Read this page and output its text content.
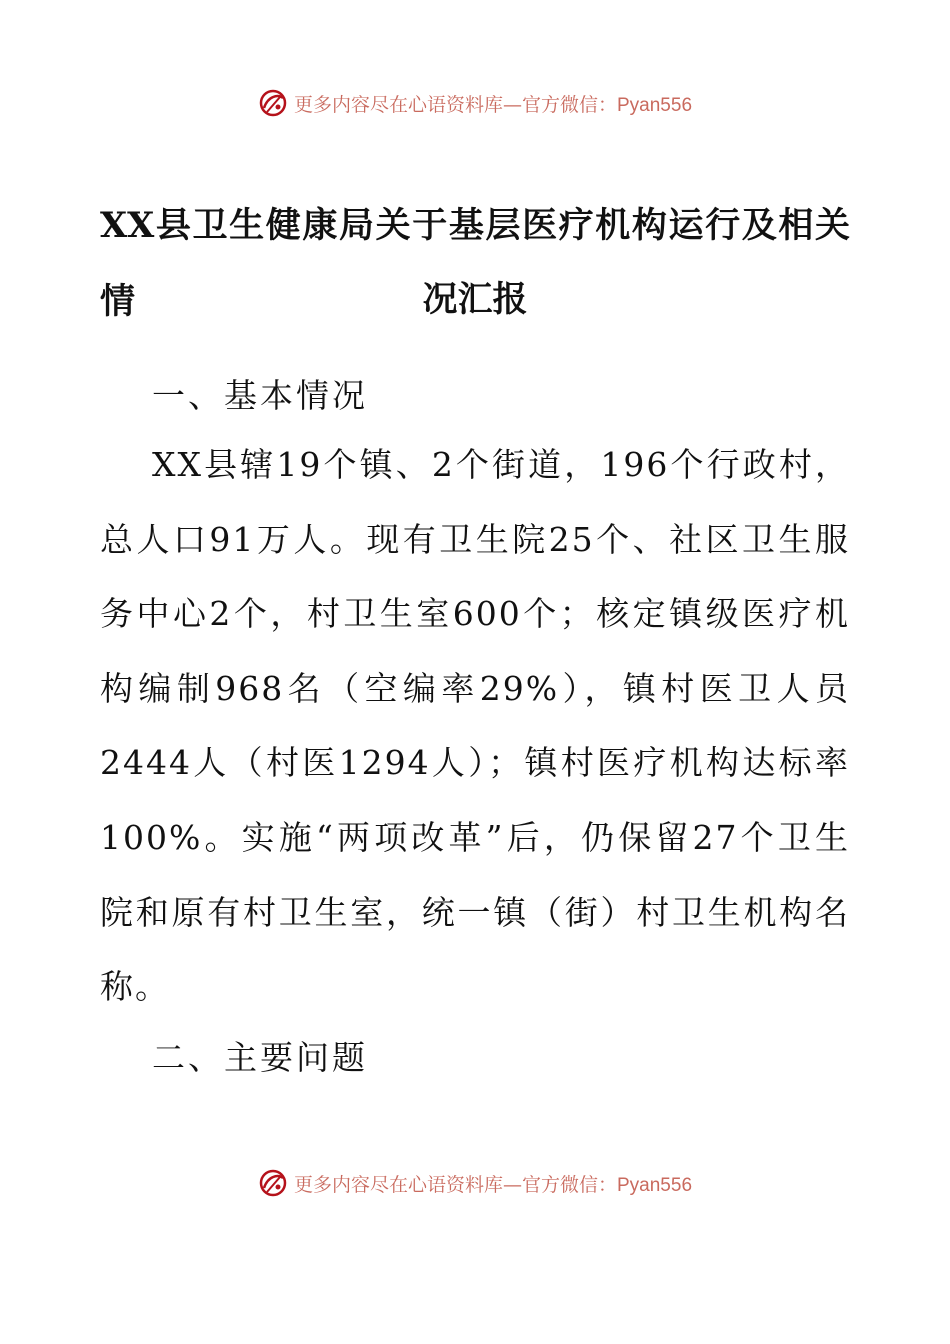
更多内容尽在心语资料库—官方微信：Pyan556
XX县卫生健康局关于基层医疗机构运行及相关情	况汇报
一、基本情况
XX县辖19个镇、2个街道，196个行政村，
总人口91万人。现有卫生院25个、社区卫生服
务中心2个，村卫生室600个；核定镇级医疗机
构编制968名（空编率29%），镇村医卫人员
2444人（村医1294人）；镇村医疗机构达标率
100%。实施“两项改革”后，仍保留27个卫生
院和原有村卫生室，统一镇（街）村卫生机构名
称。
二、主要问题
更多内容尽在心语资料库—官方微信：Pyan556
